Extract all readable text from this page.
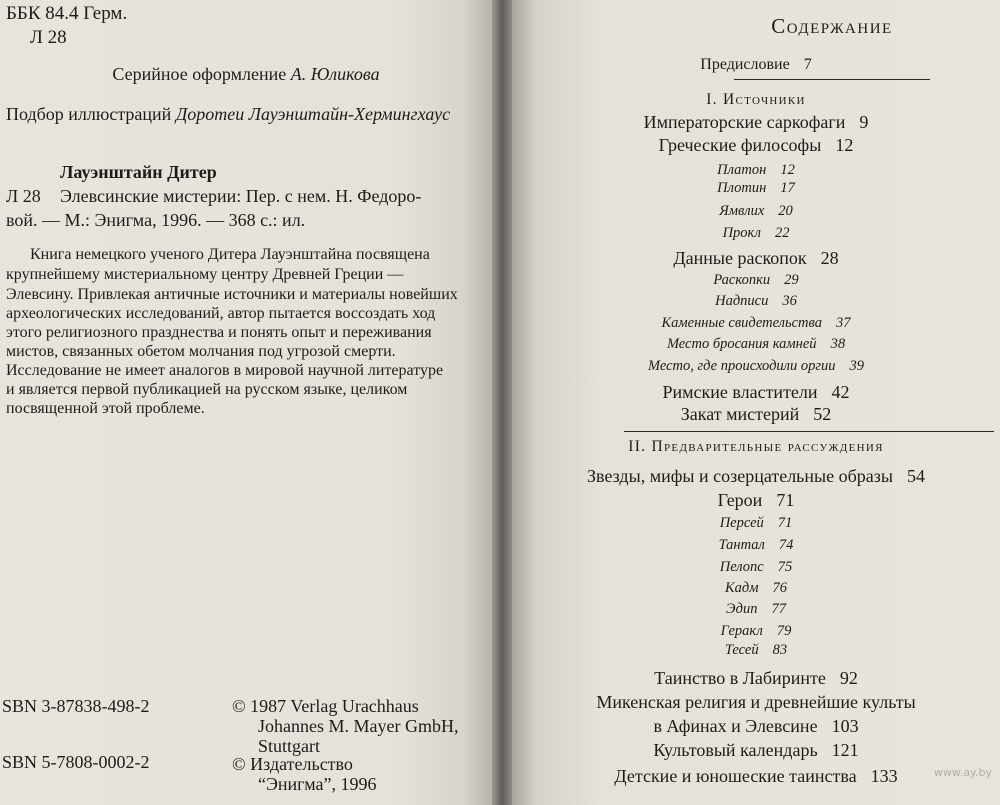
ББК 84.4 Герм.
Л 28
Серийное оформление А. Юликова
Подбор иллюстраций Доротеи Лауэнштайн-Хермингхаус
Лауэнштайн Дитер
Л 28 Элевсинские мистерии: Пер. с нем. Н. Федоро-
вой. — М.: Энигма, 1996. — 368 с.: ил.
Книга немецкого ученого Дитера Лауэнштайна посвящена
крупнейшему мистериальному центру Древней Греции —
Элевсину. Привлекая античные источники и материалы новейших
археологических исследований, автор пытается воссоздать ход
этого религиозного празднества и понять опыт и переживания
мистов, связанных обетом молчания под угрозой смерти.
Исследование не имеет аналогов в мировой научной литературе
и является первой публикацией на русском языке, целиком
посвященной этой проблеме.
SBN 3-87838-498-2
SBN 5-7808-0002-2
© 1987 Verlag Urachhaus
Johannes M. Mayer GmbH,
Stuttgart
© Издательство
“Энигма”, 1996
Содержание
Предисловие 7
I. Источники
Императорские саркофаги 9
Греческие философы 12
Платон 12
Плотин 17
Ямвлих 20
Прокл 22
Данные раскопок 28
Раскопки 29
Надписи 36
Каменные свидетельства 37
Место бросания камней 38
Место, где происходили оргии 39
Римские властители 42
Закат мистерий 52
II. Предварительные рассуждения
Звезды, мифы и созерцательные образы 54
Герои 71
Персей 71
Тантал 74
Пелопс 75
Кадм 76
Эдип 77
Геракл 79
Тесей 83
Таинство в Лабиринте 92
Микенская религия и древнейшие культы
в Афинах и Элевсине 103
Культовый календарь 121
Детские и юношеские таинства 133	www.ay.by
